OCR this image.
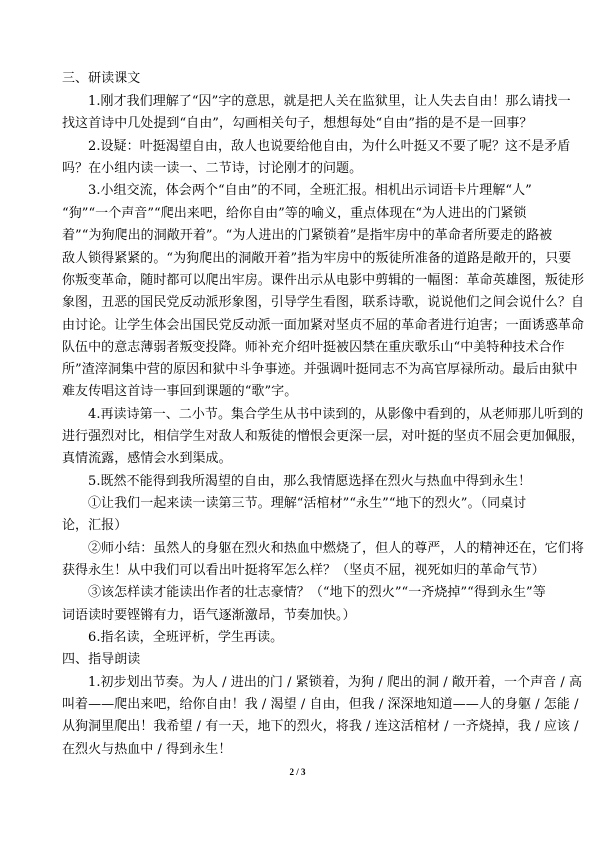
三、研读课文
1.刚才我们理解了“囚”字的意思，就是把人关在监狱里，让人失去自由！那么请找一
找这首诗中几处提到“自由”，勾画相关句子，想想每处“自由”指的是不是一回事？
2.设疑：叶挺渴望自由，敌人也说要给他自由，为什么叶挺又不要了呢？这不是矛盾
吗？在小组内读一读一、二节诗，讨论刚才的问题。
3.小组交流，体会两个“自由”的不同，全班汇报。相机出示词语卡片理解“人”
“狗”“一个声音”“爬出来吧，给你自由”等的喻义，重点体现在“为人进出的门紧锁
着”“为狗爬出的洞敞开着”。“为人进出的门紧锁着”是指牢房中的革命者所要走的路被
敌人锁得紧紧的。“为狗爬出的洞敞开着”指为牢房中的叛徒所准备的道路是敞开的，只要
你叛变革命，随时都可以爬出牢房。课件出示从电影中剪辑的一幅图：革命英雄图，叛徒形
象图，丑恶的国民党反动派形象图，引导学生看图，联系诗歌，说说他们之间会说什么？自
由讨论。让学生体会出国民党反动派一面加紧对坚贞不屈的革命者进行迫害；一面诱惑革命
队伍中的意志薄弱者叛变投降。师补充介绍叶挺被囚禁在重庆歌乐山“中美特种技术合作
所”渣滓洞集中营的原因和狱中斗争事迹。并强调叶挺同志不为高官厚禄所动。最后由狱中
难友传唱这首诗一事回到课题的“歌”字。
4.再读诗第一、二小节。集合学生从书中读到的，从影像中看到的，从老师那儿听到的
进行强烈对比，相信学生对敌人和叛徒的憎恨会更深一层，对叶挺的坚贞不屈会更加佩服，
真情流露，感情会水到渠成。
5.既然不能得到我所渴望的自由，那么我情愿选择在烈火与热血中得到永生！
①让我们一起来读一读第三节。理解“活棺材”“永生”“地下的烈火”。（同桌讨
论，汇报）
②师小结：虽然人的身躯在烈火和热血中燃烧了，但人的尊严，人的精神还在，它们将
获得永生！从中我们可以看出叶挺将军怎么样？（坚贞不屈，视死如归的革命气节）
③该怎样读才能读出作者的壮志豪情？（“地下的烈火”“一齐烧掉”“得到永生”等
词语读时要铿锵有力，语气逐渐激昂，节奏加快。）
6.指名读，全班评析，学生再读。
四、指导朗读
1.初步划出节奏。为人 / 进出的门 / 紧锁着，为狗 / 爬出的洞 / 敞开着，一个声音 / 高
叫着——爬出来吧，给你自由！我 / 渴望 / 自由，但我 / 深深地知道——人的身躯 / 怎能 /
从狗洞里爬出！我希望 / 有一天，地下的烈火，将我 / 连这活棺材 / 一齐烧掉，我 / 应该 /
在烈火与热血中 / 得到永生！
2 / 3
